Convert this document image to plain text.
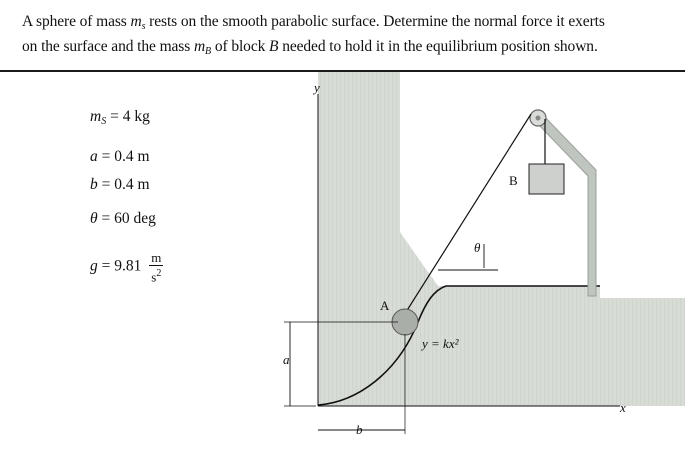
A sphere of mass $m_s$ rests on the smooth parabolic surface. Determine the normal force it exerts
on the surface and the mass $m_B$ of block B needed to hold it in the equilibrium position shown.
$m_S = 4$ kg
a = 0.4 m
b = 0.4 m
θ = 60 deg
$g = 9.81 \frac{m}{s^2}$
y
x
B
A
θ
a
b
y = kx²
